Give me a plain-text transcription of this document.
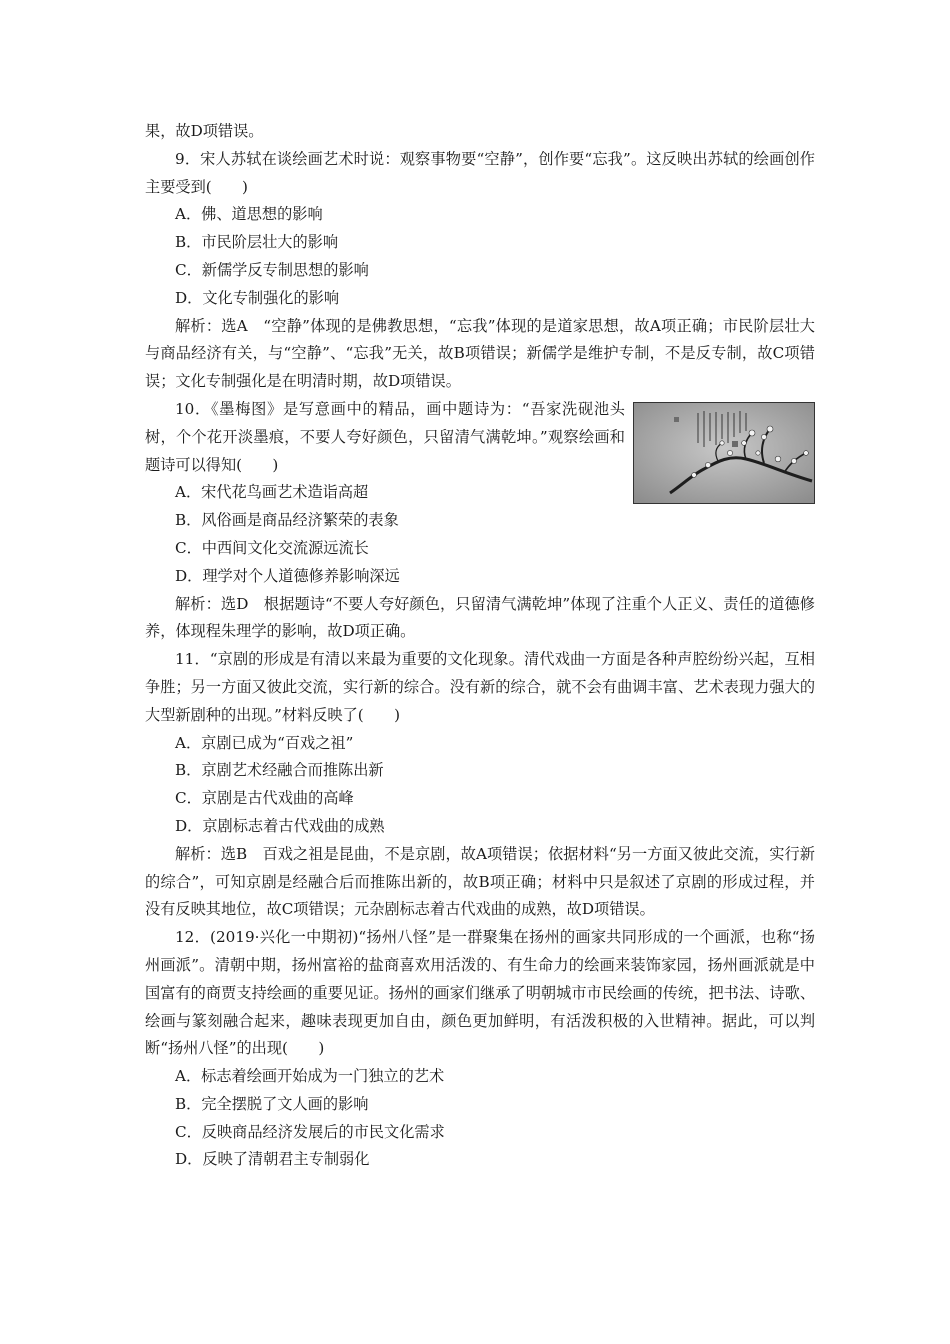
果，故D项错误。

9．宋人苏轼在谈绘画艺术时说：观察事物要“空静”，创作要“忘我”。这反映出苏轼的绘画创作主要受到(　　)

A．佛、道思想的影响

B．市民阶层壮大的影响

C．新儒学反专制思想的影响

D．文化专制强化的影响

解析：选A　“空静”体现的是佛教思想，“忘我”体现的是道家思想，故A项正确；市民阶层壮大与商品经济有关，与“空静”、“忘我”无关，故B项错误；新儒学是维护专制，不是反专制，故C项错误；文化专制强化是在明清时期，故D项错误。

10．《墨梅图》是写意画中的精品，画中题诗为：“吾家洗砚池头树，个个花开淡墨痕，不要人夸好颜色，只留清气满乾坤。”观察绘画和题诗可以得知(　　)

A．宋代花鸟画艺术造诣高超

B．风俗画是商品经济繁荣的表象

C．中西间文化交流源远流长

D．理学对个人道德修养影响深远

解析：选D　根据题诗“不要人夸好颜色，只留清气满乾坤”体现了注重个人正义、责任的道德修养，体现程朱理学的影响，故D项正确。

11．“京剧的形成是有清以来最为重要的文化现象。清代戏曲一方面是各种声腔纷纷兴起，互相争胜；另一方面又彼此交流，实行新的综合。没有新的综合，就不会有曲调丰富、艺术表现力强大的大型新剧种的出现。”材料反映了(　　)

A．京剧已成为“百戏之祖”

B．京剧艺术经融合而推陈出新

C．京剧是古代戏曲的高峰

D．京剧标志着古代戏曲的成熟

解析：选B　百戏之祖是昆曲，不是京剧，故A项错误；依据材料“另一方面又彼此交流，实行新的综合”，可知京剧是经融合后而推陈出新的，故B项正确；材料中只是叙述了京剧的形成过程，并没有反映其地位，故C项错误；元杂剧标志着古代戏曲的成熟，故D项错误。

12．(2019·兴化一中期初)“扬州八怪”是一群聚集在扬州的画家共同形成的一个画派，也称“扬州画派”。清朝中期，扬州富裕的盐商喜欢用活泼的、有生命力的绘画来装饰家园，扬州画派就是中国富有的商贾支持绘画的重要见证。扬州的画家们继承了明朝城市市民绘画的传统，把书法、诗歌、绘画与篆刻融合起来，趣味表现更加自由，颜色更加鲜明，有活泼积极的入世精神。据此，可以判断“扬州八怪”的出现(　　)

A．标志着绘画开始成为一门独立的艺术

B．完全摆脱了文人画的影响

C．反映商品经济发展后的市民文化需求

D．反映了清朝君主专制弱化
